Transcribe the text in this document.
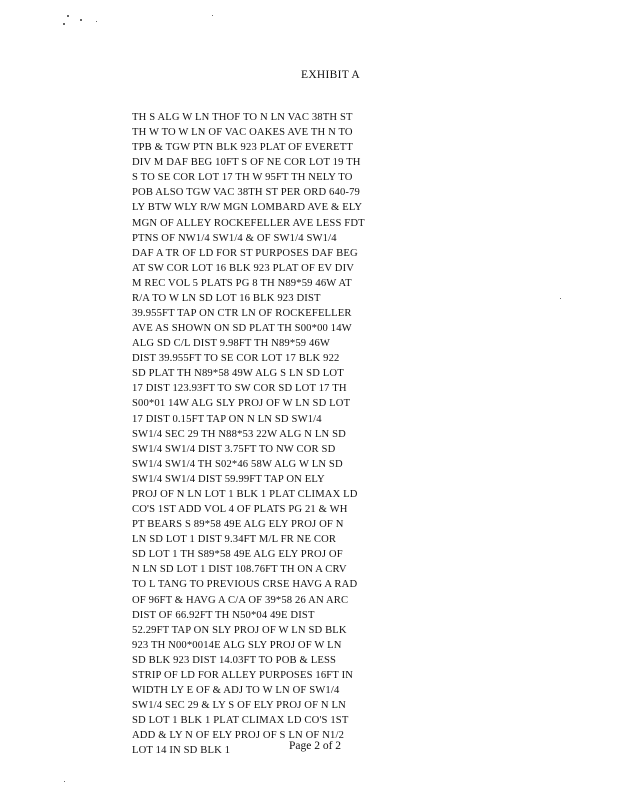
EXHIBIT A
TH S ALG W LN THOF TO N LN VAC 38TH ST
TH W TO W LN OF VAC OAKES AVE TH N TO
TPB & TGW PTN BLK 923 PLAT OF EVERETT
DIV M DAF BEG 10FT S OF NE COR LOT 19 TH
S TO SE COR LOT 17 TH W 95FT TH NELY TO
POB ALSO TGW VAC 38TH ST PER ORD 640-79
LY BTW WLY R/W MGN LOMBARD AVE & ELY
MGN OF ALLEY ROCKEFELLER AVE LESS FDT
PTNS OF NW1/4 SW1/4 & OF SW1/4 SW1/4
DAF A TR OF LD FOR ST PURPOSES DAF BEG
AT SW COR LOT 16 BLK 923 PLAT OF EV DIV
M REC VOL 5 PLATS PG 8 TH N89*59 46W AT
R/A TO W LN SD LOT 16 BLK 923 DIST
39.955FT TAP ON CTR LN OF ROCKEFELLER
AVE AS SHOWN ON SD PLAT TH S00*00 14W
ALG SD C/L DIST 9.98FT TH N89*59 46W
DIST 39.955FT TO SE COR LOT 17 BLK 922
SD PLAT TH N89*58 49W ALG S LN SD LOT
17 DIST 123.93FT TO SW COR SD LOT 17 TH
S00*01 14W ALG SLY PROJ OF W LN SD LOT
17 DIST 0.15FT TAP ON N LN SD SW1/4
SW1/4 SEC 29 TH N88*53 22W ALG N LN SD
SW1/4 SW1/4 DIST 3.75FT TO NW COR SD
SW1/4 SW1/4 TH S02*46 58W ALG W LN SD
SW1/4 SW1/4 DIST 59.99FT TAP ON ELY
PROJ OF N LN LOT 1 BLK 1 PLAT CLIMAX LD
CO'S 1ST ADD VOL 4 OF PLATS PG 21 & WH
PT BEARS S 89*58 49E ALG ELY PROJ OF N
LN SD LOT 1 DIST 9.34FT M/L FR NE COR
SD LOT 1 TH S89*58 49E ALG ELY PROJ OF
N LN SD LOT 1 DIST 108.76FT TH ON A CRV
TO L TANG TO PREVIOUS CRSE HAVG A RAD
OF 96FT & HAVG A C/A OF 39*58 26 AN ARC
DIST OF 66.92FT TH N50*04 49E DIST
52.29FT TAP ON SLY PROJ OF W LN SD BLK
923 TH N00*0014E ALG SLY PROJ OF W LN
SD BLK 923 DIST 14.03FT TO POB & LESS
STRIP OF LD FOR ALLEY PURPOSES 16FT IN
WIDTH LY E OF & ADJ TO W LN OF SW1/4
SW1/4 SEC 29 & LY S OF ELY PROJ OF N LN
SD LOT 1 BLK 1 PLAT CLIMAX LD CO'S 1ST
ADD & LY N OF ELY PROJ OF S LN OF N1/2
LOT 14 IN SD BLK 1	Page 2 of 2
